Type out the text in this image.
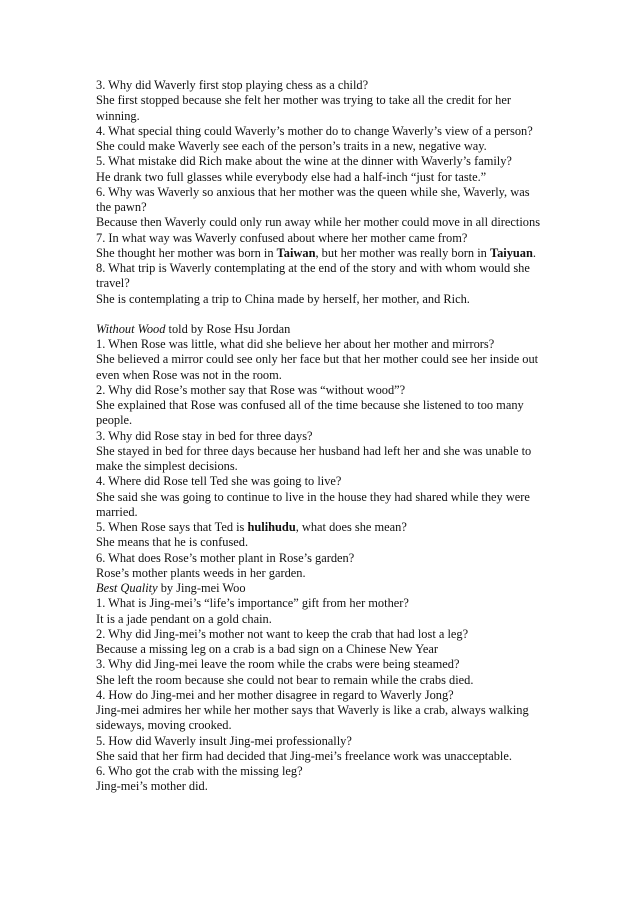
3. Why did Waverly first stop playing chess as a child?

She first stopped because she felt her mother was trying to take all the credit for her winning.

4. What special thing could Waverly’s mother do to change Waverly’s view of a person?

She could make Waverly see each of the person’s traits in a new, negative way.

5. What mistake did Rich make about the wine at the dinner with Waverly’s family?

He drank two full glasses while everybody else had a half-inch “just for taste.”

6. Why was Waverly so anxious that her mother was the queen while she, Waverly, was the pawn?

Because then Waverly could only run away while her mother could move in all directions

7. In what way was Waverly confused about where her mother came from?

She thought her mother was born in Taiwan, but her mother was really born in Taiyuan.

8. What trip is Waverly contemplating at the end of the story and with whom would she travel?

She is contemplating a trip to China made by herself, her mother, and Rich.

Without Wood told by Rose Hsu Jordan

1. When Rose was little, what did she believe her about her mother and mirrors?

She believed a mirror could see only her face but that her mother could see her inside out even when Rose was not in the room.

2. Why did Rose’s mother say that Rose was “without wood”?

She explained that Rose was confused all of the time because she listened to too many people.

3. Why did Rose stay in bed for three days?

She stayed in bed for three days because her husband had left her and she was unable to make the simplest decisions.

4. Where did Rose tell Ted she was going to live?

She said she was going to continue to live in the house they had shared while they were married.

5. When Rose says that Ted is hulihudu, what does she mean?

She means that he is confused.

6. What does Rose’s mother plant in Rose’s garden?

Rose’s mother plants weeds in her garden.

Best Quality by Jing-mei Woo

1. What is Jing-mei’s “life’s importance” gift from her mother?

It is a jade pendant on a gold chain.

2. Why did Jing-mei’s mother not want to keep the crab that had lost a leg?

Because a missing leg on a crab is a bad sign on a Chinese New Year

3. Why did Jing-mei leave the room while the crabs were being steamed?

She left the room because she could not bear to remain while the crabs died.

4. How do Jing-mei and her mother disagree in regard to Waverly Jong?

Jing-mei admires her while her mother says that Waverly is like a crab, always walking sideways, moving crooked.

5. How did Waverly insult Jing-mei professionally?

She said that her firm had decided that Jing-mei’s freelance work was unacceptable.

6. Who got the crab with the missing leg?

Jing-mei’s mother did.
